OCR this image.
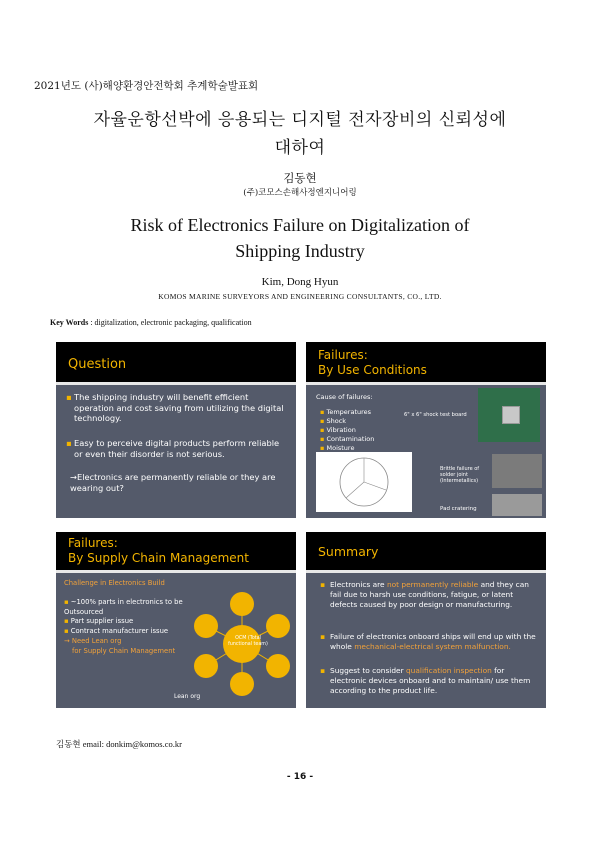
2021년도 (사)해양환경안전학회 추계학술발표회
자율운항선박에 응용되는 디지털 전자장비의 신뢰성에
대하여
김동현
(주)코모스손해사정엔지니어링
Risk of Electronics Failure on Digitalization of
Shipping Industry
Kim, Dong Hyun
KOMOS MARINE SURVEYORS AND ENGINEERING CONSULTANTS, CO., LTD.
Key Words : digitalization, electronic packaging, qualification
Question
▪ The shipping industry will benefit efficient operation and cost saving from utilizing the digital technology.
▪ Easy to perceive digital products perform reliable or even their disorder is not serious.
→Electronics are permanently reliable or they are wearing out?
Failures:
By Use Conditions
Cause of failures:
▪ Temperatures
▪ Shock
▪ Vibration
▪ Contamination
▪ Moisture
6" x 6" shock test board
Brittle failure of solder joint (Intermetallics)
Pad cratering
Failures:
By Supply Chain Management
Challenge in Electronics Build
▪ ~100% parts in electronics to be Outsourced
▪ Part supplier issue
▪ Contract manufacturer issue
→ Need Lean org
for Supply Chain Management
OCM (Total functional team)
Lean org
Summary
▪ Electronics are not permanently reliable and they can fail due to harsh use conditions, fatigue, or latent defects caused by poor design or manufacturing.
▪ Failure of electronics onboard ships will end up with the whole mechanical-electrical system malfunction.
▪ Suggest to consider qualification inspection for electronic devices onboard and to maintain/ use them according to the product life.
김동현 email: donkim@komos.co.kr
- 16 -
